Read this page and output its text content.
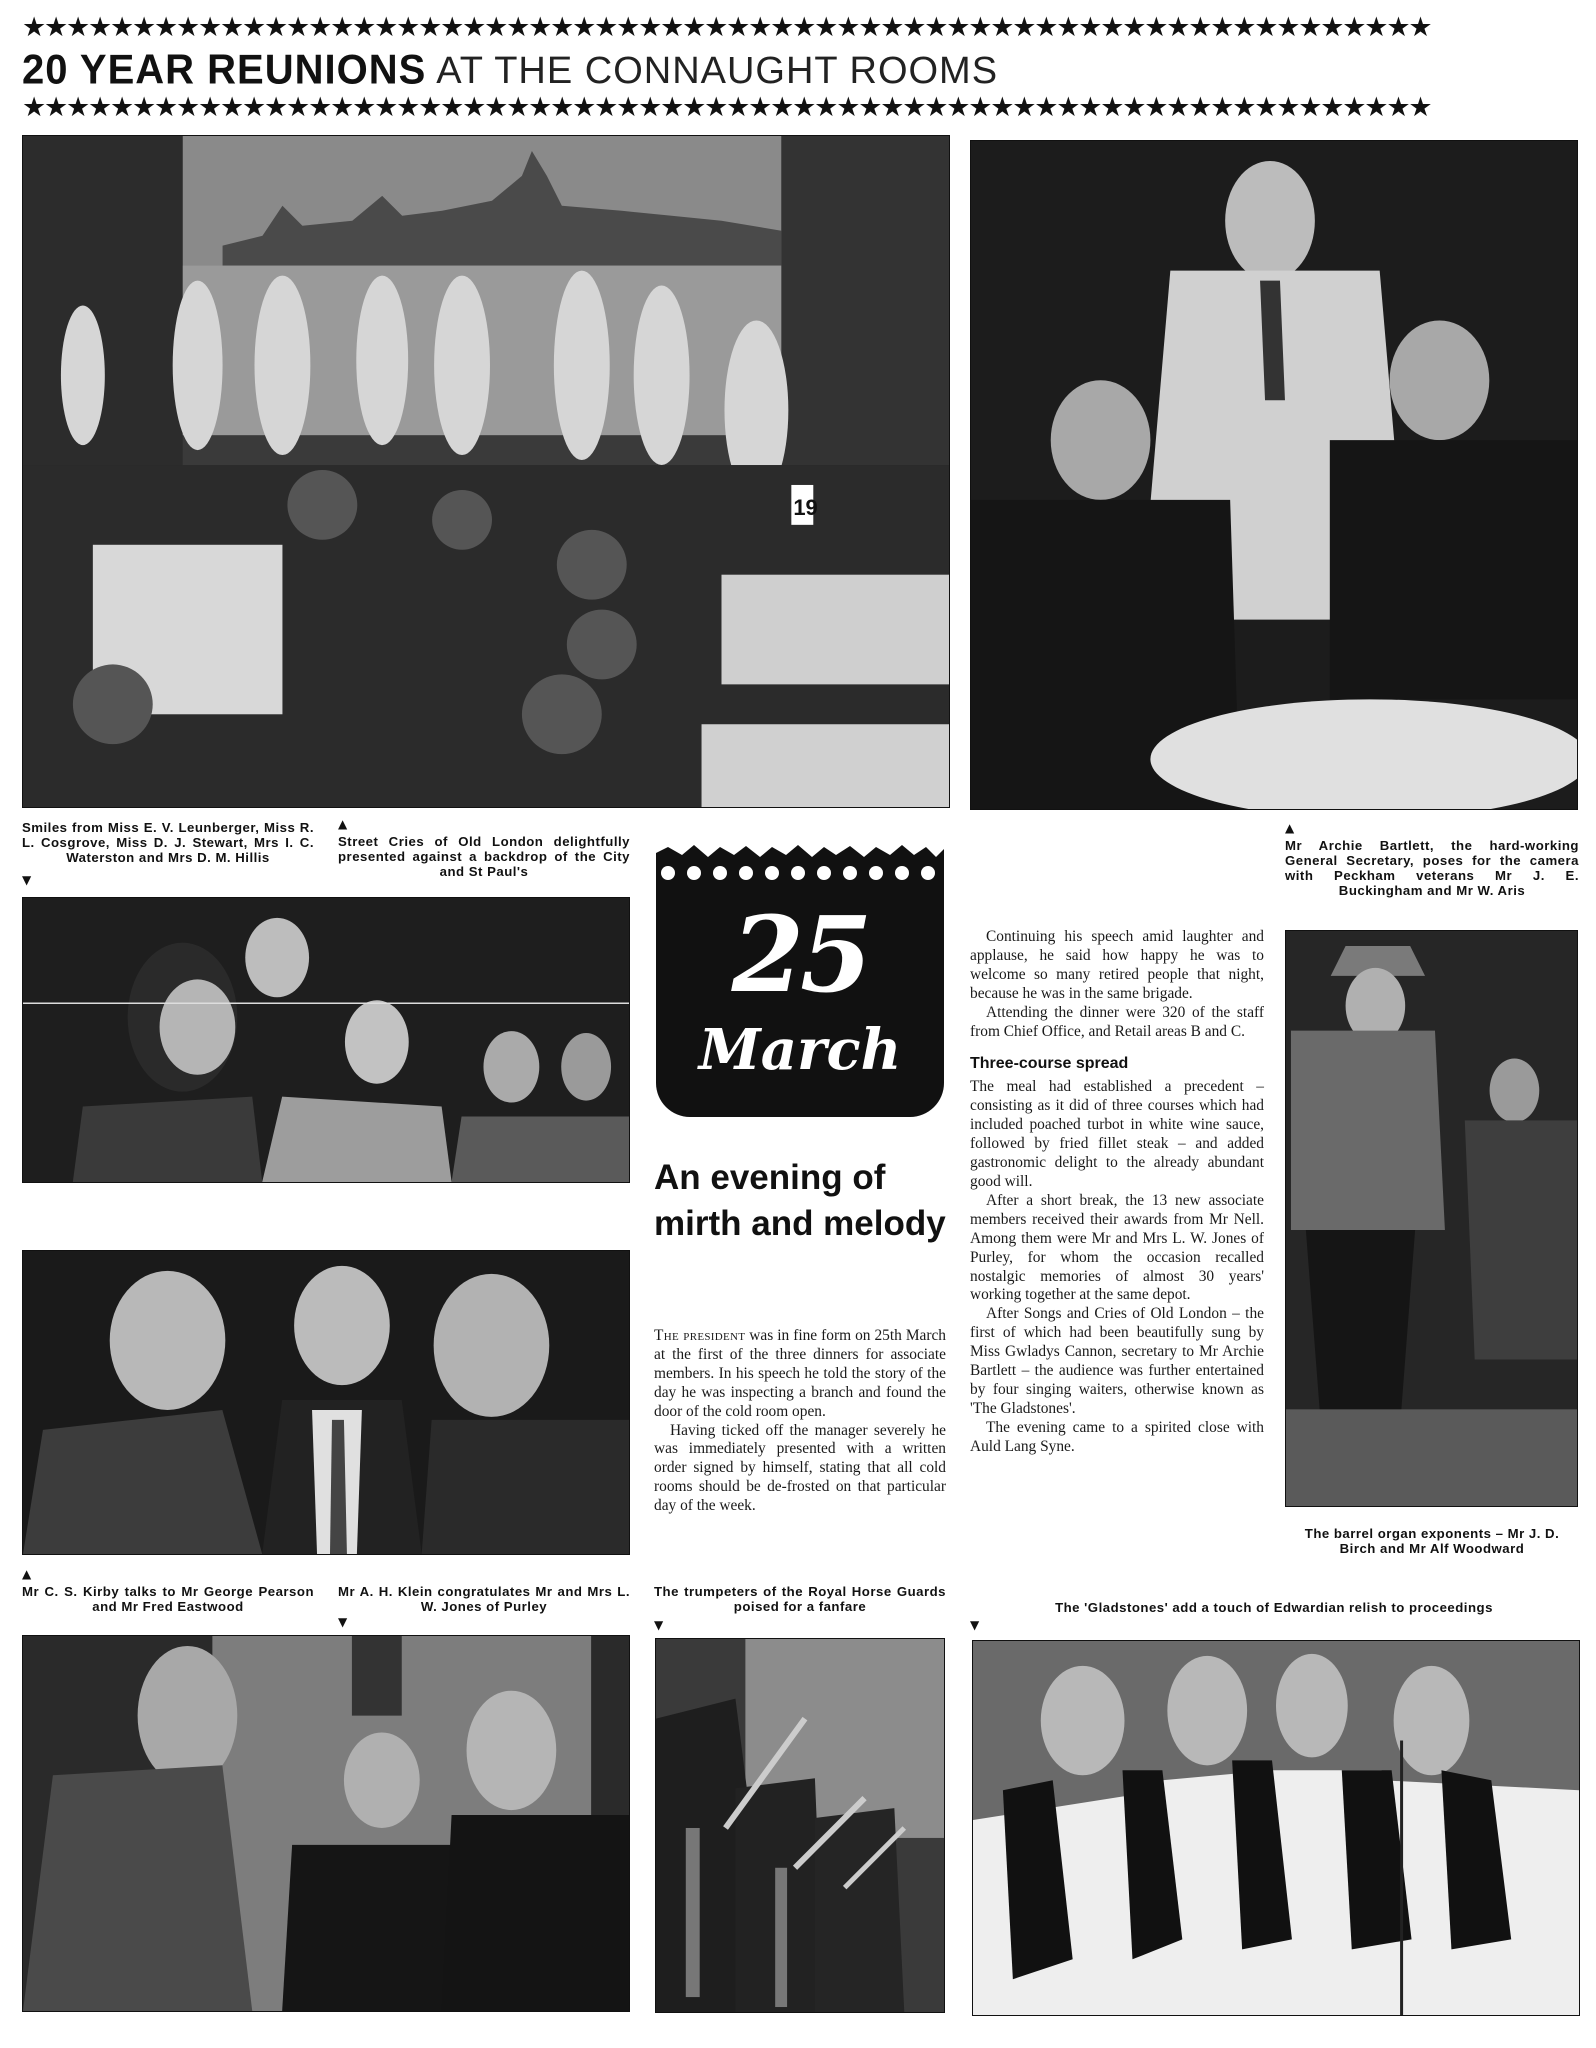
★★★★★★★★★★★★★★★★★★★★★★★★★★★★★★★★★★★★★★★★★★★★★★★★★★★★★★★★★★★★★★★★
20 YEAR REUNIONS AT THE CONNAUGHT ROOMS
★★★★★★★★★★★★★★★★★★★★★★★★★★★★★★★★★★★★★★★★★★★★★★★★★★★★★★★★★★★★★★★★
19
Smiles from Miss E. V. Leunberger, Miss R. L. Cosgrove, Miss D. J. Stewart, Mrs I. C. Waterston and Mrs D. M. Hillis
▼
▲
Street Cries of Old London delightfully presented against a backdrop of the City and St Paul's
▲
Mr Archie Bartlett, the hard-working General Secretary, poses for the camera with Peckham veterans Mr J. E. Buckingham and Mr W. Aris
25
March
An evening of mirth and melody

The president was in fine form on 25th March at the first of the three dinners for associate members. In his speech he told the story of the day he was inspecting a branch and found the door of the cold room open.

Having ticked off the manager severely he was immediately presented with a written order signed by himself, stating that all cold rooms should be de-frosted on that particular day of the week.

Continuing his speech amid laughter and applause, he said how happy he was to welcome so many retired people that night, because he was in the same brigade.

Attending the dinner were 320 of the staff from Chief Office, and Retail areas B and C.

Three-course spread

The meal had established a precedent – consisting as it did of three courses which had included poached turbot in white wine sauce, followed by fried fillet steak – and added gastronomic delight to the already abundant good will.

After a short break, the 13 new associate members received their awards from Mr Nell. Among them were Mr and Mrs L. W. Jones of Purley, for whom the occasion recalled nostalgic memories of almost 30 years' working together at the same depot.

After Songs and Cries of Old London – the first of which had been beautifully sung by Miss Gwladys Cannon, secretary to Mr Archie Bartlett – the audience was further entertained by four singing waiters, otherwise known as 'The Gladstones'.

The evening came to a spirited close with Auld Lang Syne.

The barrel organ exponents – Mr J. D. Birch and Mr Alf Woodward
▲
Mr C. S. Kirby talks to Mr George Pearson and Mr Fred Eastwood
Mr A. H. Klein congratulates Mr and Mrs L. W. Jones of Purley
▼
The trumpeters of the Royal Horse Guards poised for a fanfare
▼
The 'Gladstones' add a touch of Edwardian relish to proceedings
▼
